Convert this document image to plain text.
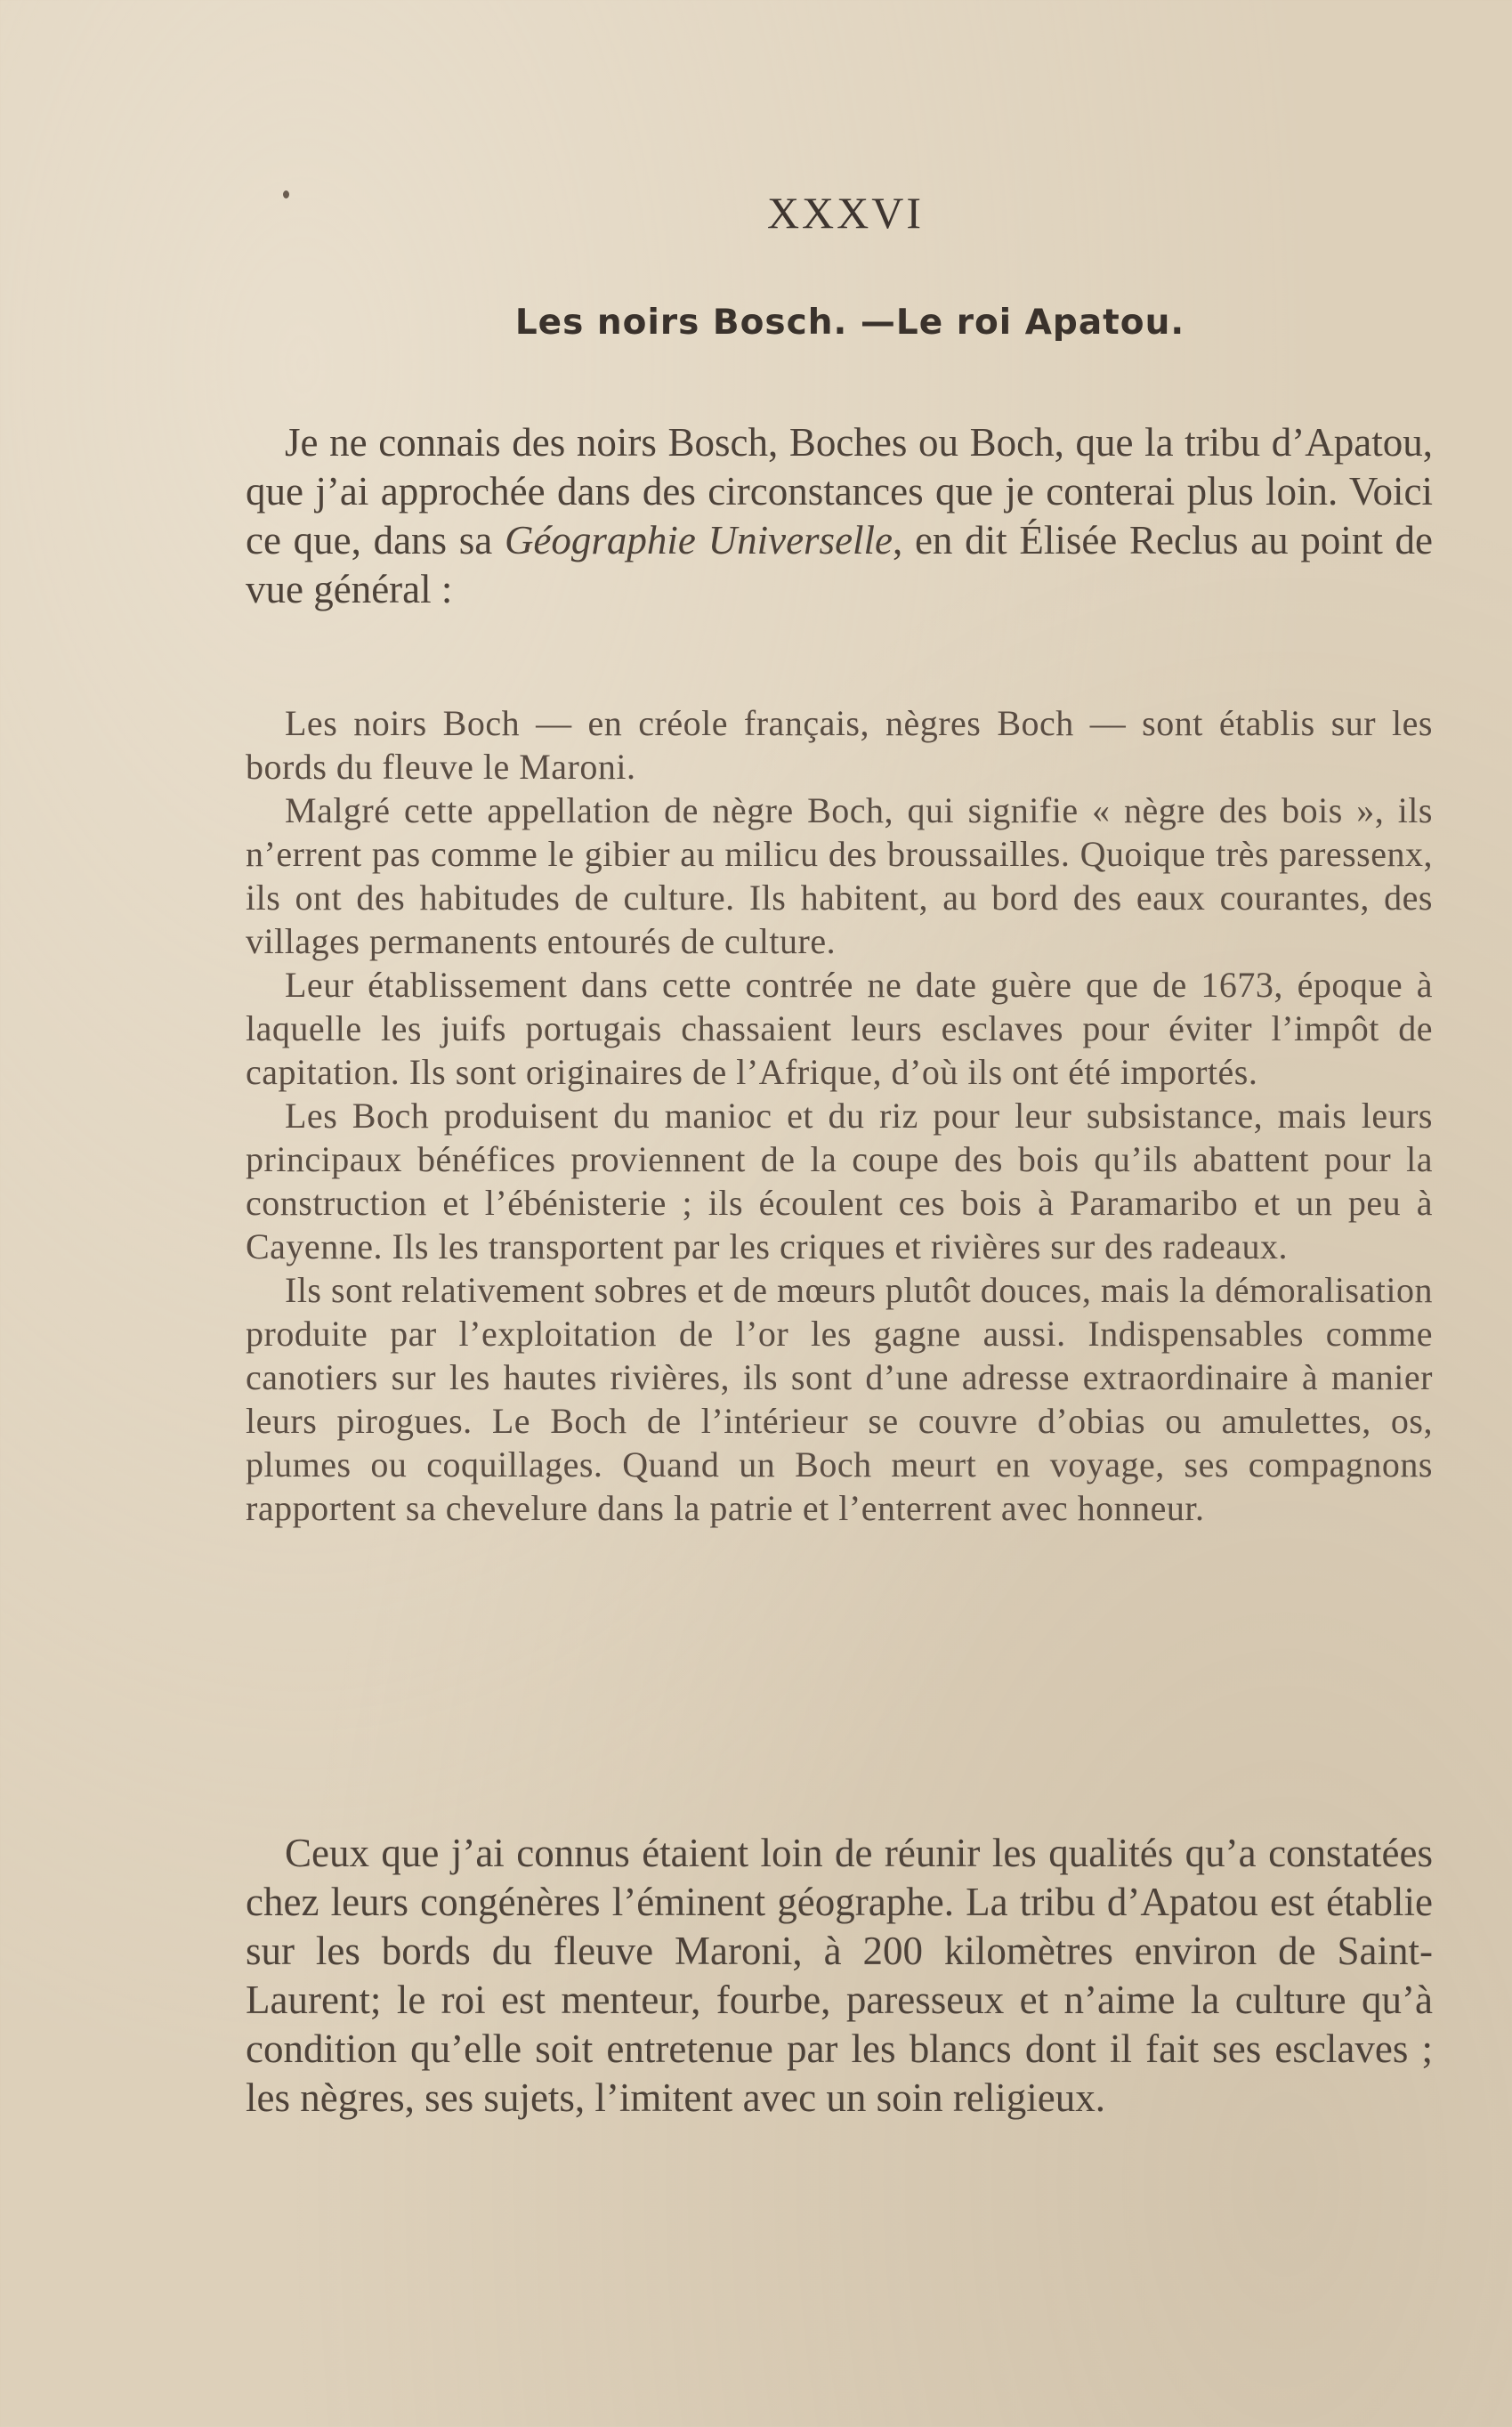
XXXVI
Les noirs Bosch. —Le roi Apatou.

Je ne connais des noirs Bosch, Boches ou Boch, que la tribu d’Apatou, que j’ai approchée dans des circonstances que je conterai plus loin. Voici ce que, dans sa Géographie Universelle, en dit Élisée Reclus au point de vue général :

Les noirs Boch — en créole français, nègres Boch — sont établis sur les bords du fleuve le Maroni.

Malgré cette appellation de nègre Boch, qui signifie « nègre des bois », ils n’errent pas comme le gibier au milicu des broussailles. Quoique très paressenx, ils ont des habitudes de culture. Ils habitent, au bord des eaux courantes, des villages permanents entourés de culture.

Leur établissement dans cette contrée ne date guère que de 1673, époque à laquelle les juifs portugais chassaient leurs esclaves pour éviter l’impôt de capitation. Ils sont originaires de l’Afrique, d’où ils ont été importés.

Les Boch produisent du manioc et du riz pour leur subsistance, mais leurs principaux bénéfices proviennent de la coupe des bois qu’ils abattent pour la construction et l’ébénisterie ; ils écoulent ces bois à Paramaribo et un peu à Cayenne. Ils les transportent par les criques et rivières sur des radeaux.

Ils sont relativement sobres et de mœurs plutôt douces, mais la démoralisation produite par l’exploitation de l’or les gagne aussi. Indispensables comme canotiers sur les hautes rivières, ils sont d’une adresse extraordinaire à manier leurs pirogues. Le Boch de l’intérieur se couvre d’obias ou amulettes, os, plumes ou coquillages. Quand un Boch meurt en voyage, ses compagnons rapportent sa chevelure dans la patrie et l’enterrent avec honneur.

Ceux que j’ai connus étaient loin de réunir les qualités qu’a constatées chez leurs congénères l’éminent géographe. La tribu d’Apatou est établie sur les bords du fleuve Maroni, à 200 kilomètres environ de Saint-Laurent; le roi est menteur, fourbe, paresseux et n’aime la culture qu’à condition qu’elle soit entretenue par les blancs dont il fait ses esclaves ; les nègres, ses sujets, l’imitent avec un soin religieux.
